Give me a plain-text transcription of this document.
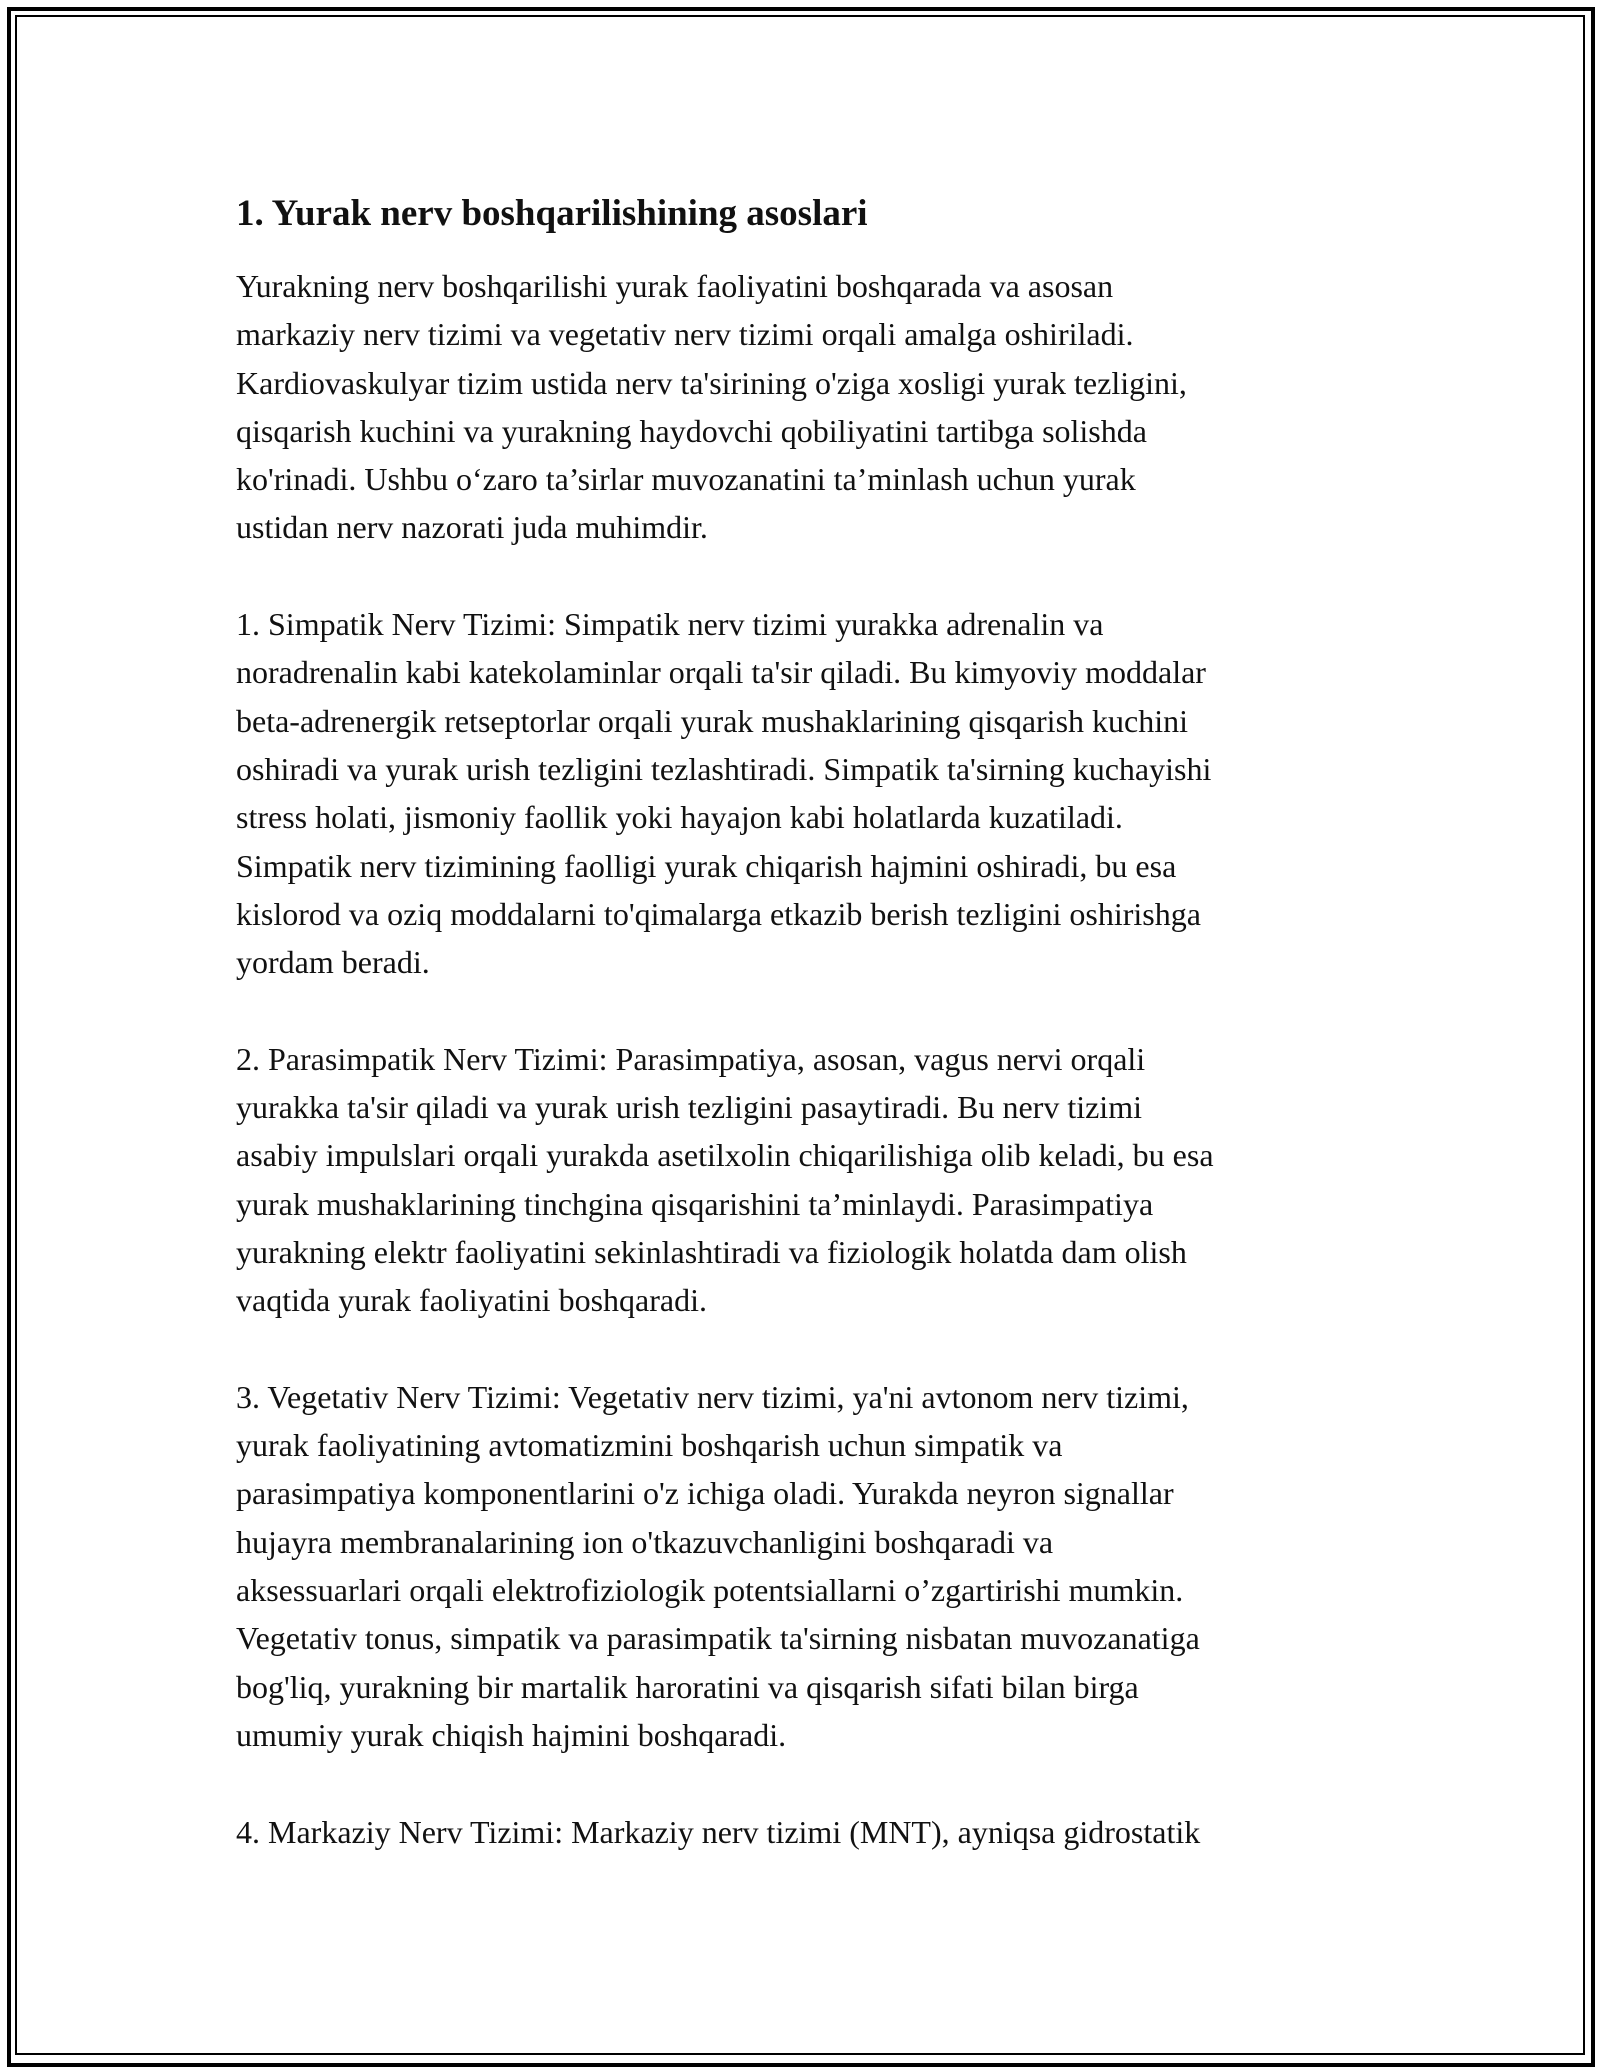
1. Yurak nerv boshqarilishining asoslari

Yurakning nerv boshqarilishi yurak faoliyatini boshqarada va asosan
markaziy nerv tizimi va vegetativ nerv tizimi orqali amalga oshiriladi.
Kardiovaskulyar tizim ustida nerv ta'sirining o'ziga xosligi yurak tezligini,
qisqarish kuchini va yurakning haydovchi qobiliyatini tartibga solishda
ko'rinadi. Ushbu o‘zaro ta’sirlar muvozanatini ta’minlash uchun yurak
ustidan nerv nazorati juda muhimdir.

1. Simpatik Nerv Tizimi: Simpatik nerv tizimi yurakka adrenalin va
noradrenalin kabi katekolaminlar orqali ta'sir qiladi. Bu kimyoviy moddalar
beta-adrenergik retseptorlar orqali yurak mushaklarining qisqarish kuchini
oshiradi va yurak urish tezligini tezlashtiradi. Simpatik ta'sirning kuchayishi
stress holati, jismoniy faollik yoki hayajon kabi holatlarda kuzatiladi.
Simpatik nerv tizimining faolligi yurak chiqarish hajmini oshiradi, bu esa
kislorod va oziq moddalarni to'qimalarga etkazib berish tezligini oshirishga
yordam beradi.

2. Parasimpatik Nerv Tizimi: Parasimpatiya, asosan, vagus nervi orqali
yurakka ta'sir qiladi va yurak urish tezligini pasaytiradi. Bu nerv tizimi
asabiy impulslari orqali yurakda asetilxolin chiqarilishiga olib keladi, bu esa
yurak mushaklarining tinchgina qisqarishini ta’minlaydi. Parasimpatiya
yurakning elektr faoliyatini sekinlashtiradi va fiziologik holatda dam olish
vaqtida yurak faoliyatini boshqaradi.

3. Vegetativ Nerv Tizimi: Vegetativ nerv tizimi, ya'ni avtonom nerv tizimi,
yurak faoliyatining avtomatizmini boshqarish uchun simpatik va
parasimpatiya komponentlarini o'z ichiga oladi. Yurakda neyron signallar
hujayra membranalarining ion o'tkazuvchanligini boshqaradi va
aksessuarlari orqali elektrofiziologik potentsiallarni o’zgartirishi mumkin.
Vegetativ tonus, simpatik va parasimpatik ta'sirning nisbatan muvozanatiga
bog'liq, yurakning bir martalik haroratini va qisqarish sifati bilan birga
umumiy yurak chiqish hajmini boshqaradi.

4. Markaziy Nerv Tizimi: Markaziy nerv tizimi (MNT), ayniqsa gidrostatik
